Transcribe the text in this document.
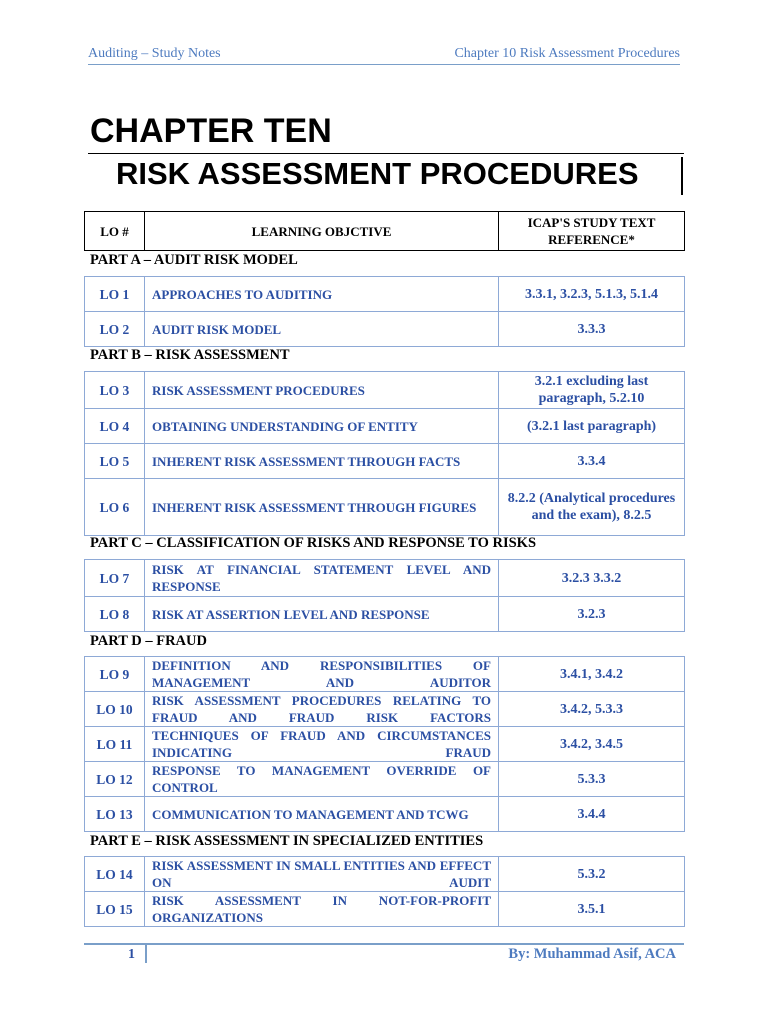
Auditing – Study Notes	Chapter 10 Risk Assessment Procedures
CHAPTER TEN
RISK ASSESSMENT PROCEDURES
LO #	LEARNING OBJCTIVE	ICAP'S STUDY TEXT REFERENCE*
PART A – AUDIT RISK MODEL
LO 1	APPROACHES TO AUDITING	3.3.1, 3.2.3, 5.1.3, 5.1.4
LO 2	AUDIT RISK MODEL	3.3.3
PART B – RISK ASSESSMENT
LO 3	RISK ASSESSMENT PROCEDURES	3.2.1 excluding last paragraph, 5.2.10
LO 4	OBTAINING UNDERSTANDING OF ENTITY	(3.2.1 last paragraph)
LO 5	INHERENT RISK ASSESSMENT THROUGH FACTS	3.3.4
LO 6	INHERENT RISK ASSESSMENT THROUGH FIGURES	8.2.2 (Analytical procedures and the exam), 8.2.5
PART C – CLASSIFICATION OF RISKS AND RESPONSE TO RISKS
LO 7	RISK AT FINANCIAL STATEMENT LEVEL AND RESPONSE	3.2.3 3.3.2
LO 8	RISK AT ASSERTION LEVEL AND RESPONSE	3.2.3
PART D – FRAUD
LO 9	DEFINITION AND RESPONSIBILITIES OF MANAGEMENT AND AUDITOR	3.4.1, 3.4.2
LO 10	RISK ASSESSMENT PROCEDURES RELATING TO FRAUD AND FRAUD RISK FACTORS	3.4.2, 5.3.3
LO 11	TECHNIQUES OF FRAUD AND CIRCUMSTANCES INDICATING FRAUD	3.4.2, 3.4.5
LO 12	RESPONSE TO MANAGEMENT OVERRIDE OF CONTROL	5.3.3
LO 13	COMMUNICATION TO MANAGEMENT AND TCWG	3.4.4
PART E – RISK ASSESSMENT IN SPECIALIZED ENTITIES
LO 14	RISK ASSESSMENT IN SMALL ENTITIES AND EFFECT ON AUDIT	5.3.2
LO 15	RISK ASSESSMENT IN NOT-FOR-PROFIT ORGANIZATIONS	3.5.1
1	By: Muhammad Asif, ACA
